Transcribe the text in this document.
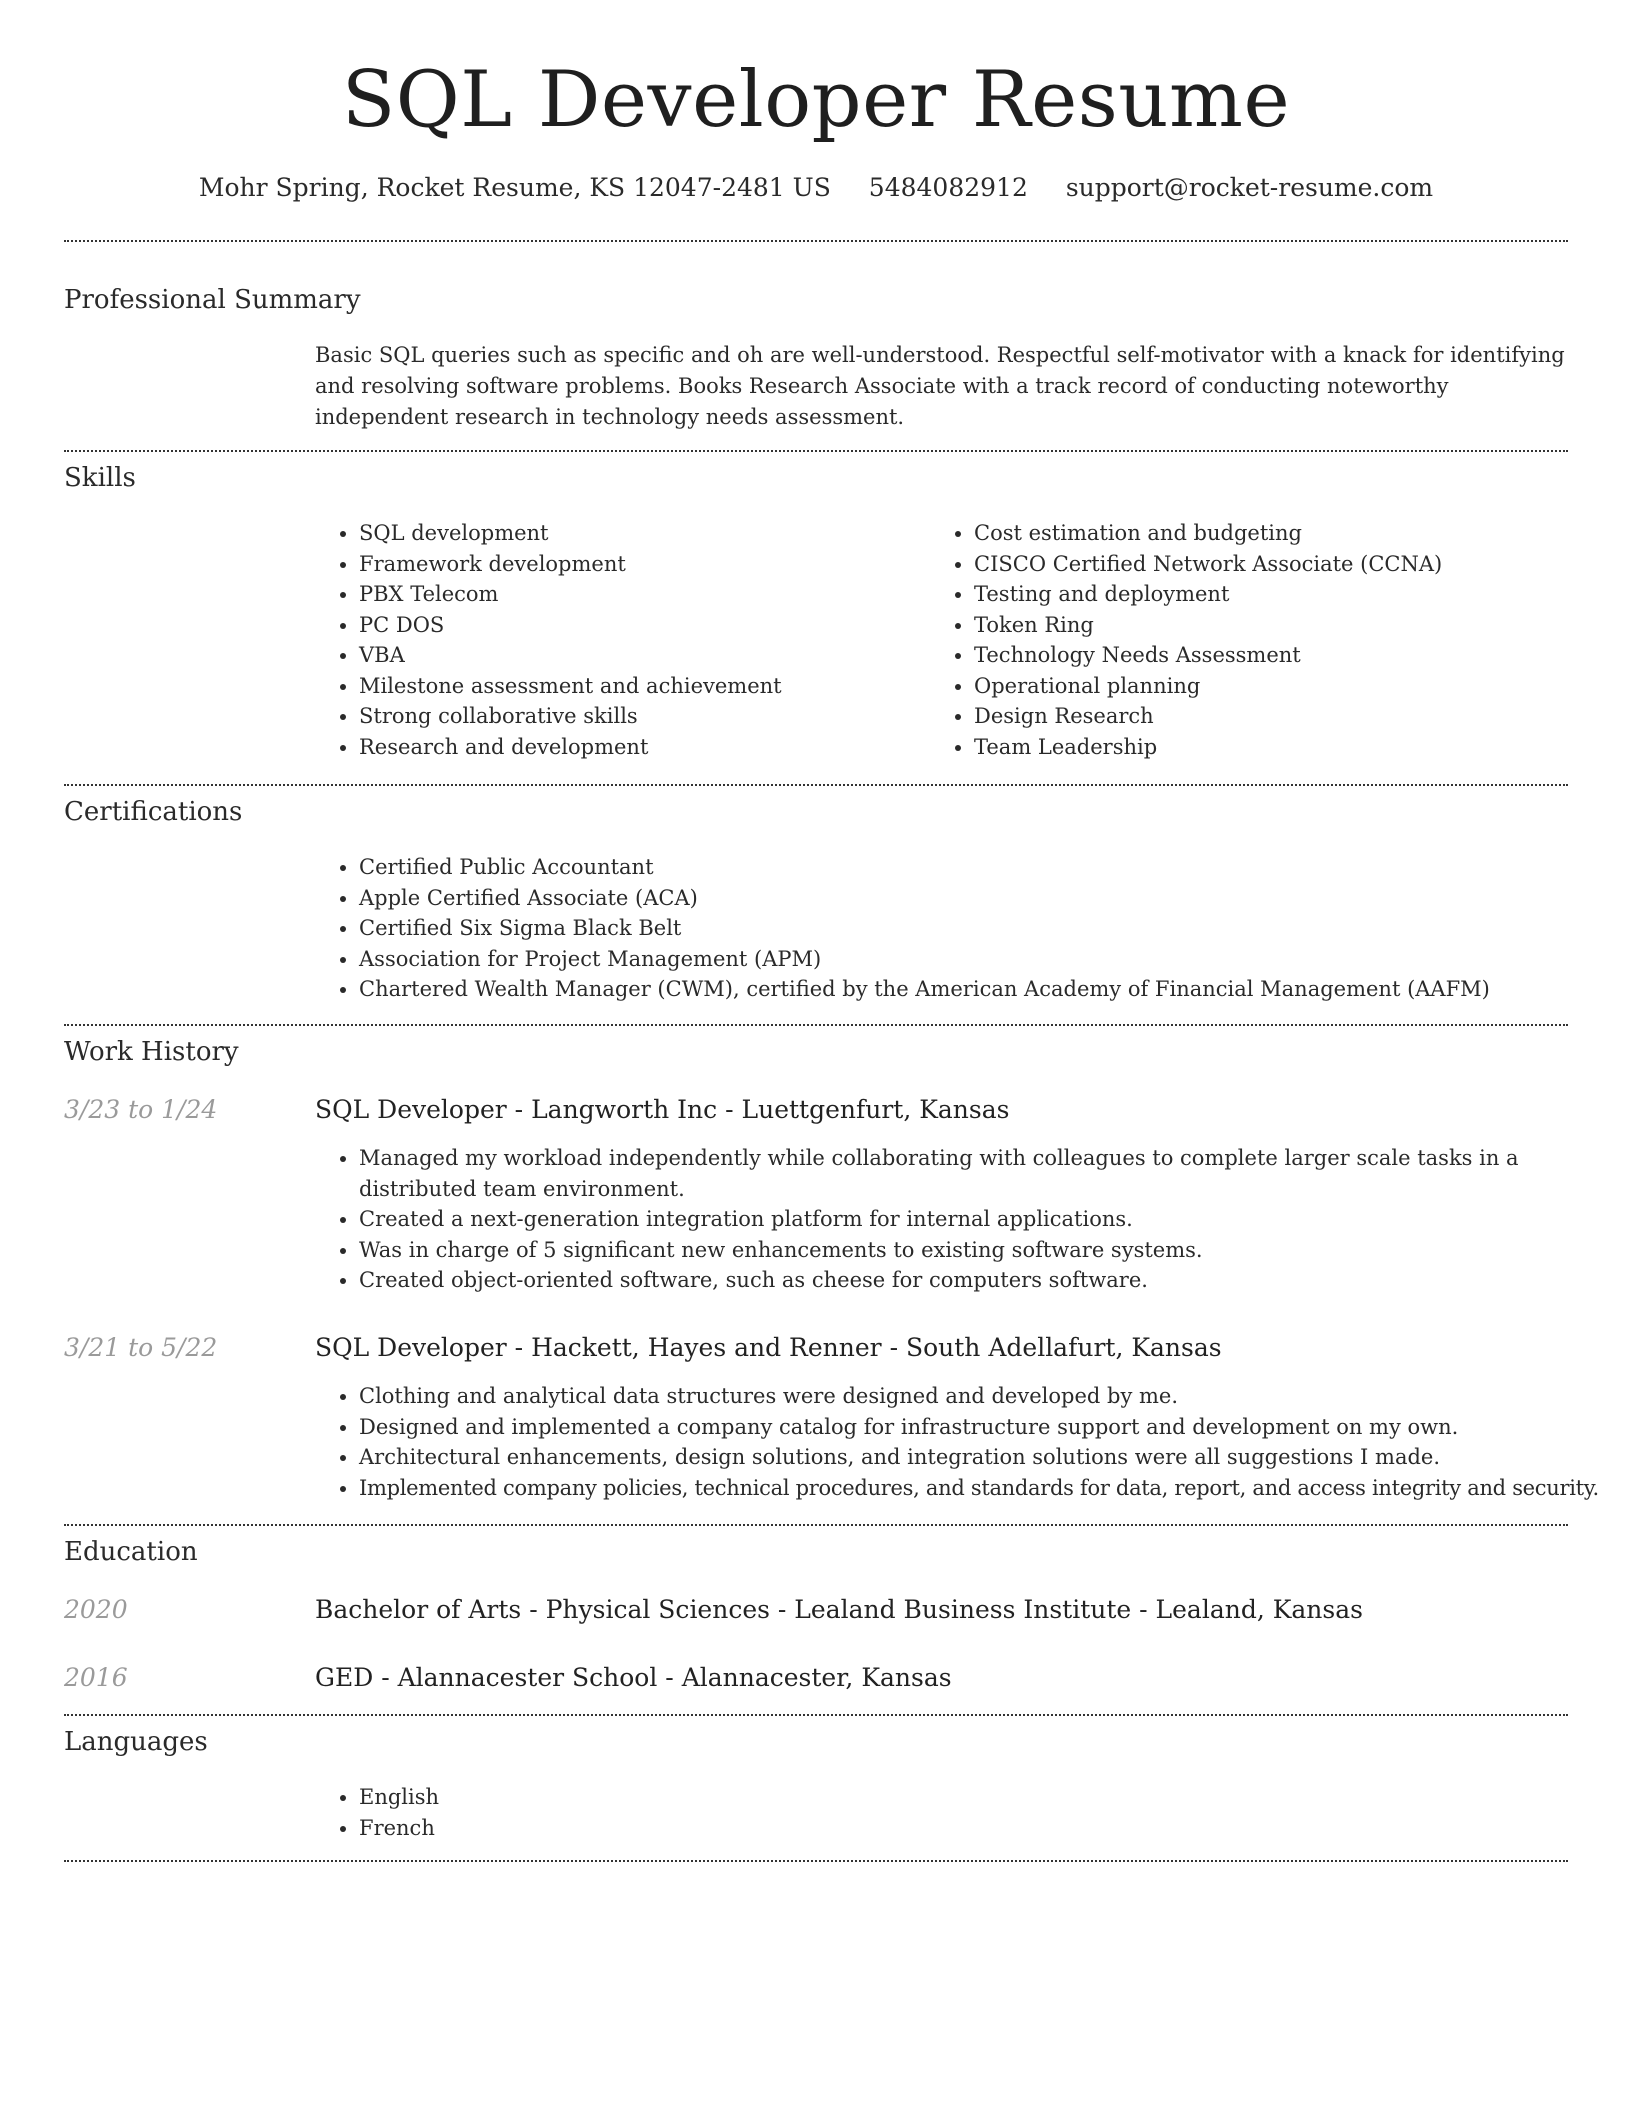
SQL Developer Resume
Mohr Spring, Rocket Resume, KS 12047-2481 US 5484082912 support@rocket-resume.com
Professional Summary
Basic SQL queries such as specific and oh are well-understood. Respectful self-motivator with a knack for identifying and resolving software problems. Books Research Associate with a track record of conducting noteworthy independent research in technology needs assessment.
Skills
• SQL development
• Framework development
• PBX Telecom
• PC DOS
• VBA
• Milestone assessment and achievement
• Strong collaborative skills
• Research and development
• Cost estimation and budgeting
• CISCO Certified Network Associate (CCNA)
• Testing and deployment
• Token Ring
• Technology Needs Assessment
• Operational planning
• Design Research
• Team Leadership
Certifications
• Certified Public Accountant
• Apple Certified Associate (ACA)
• Certified Six Sigma Black Belt
• Association for Project Management (APM)
• Chartered Wealth Manager (CWM), certified by the American Academy of Financial Management (AAFM)
Work History
3/23 to 1/24	SQL Developer - Langworth Inc - Luettgenfurt, Kansas
• Managed my workload independently while collaborating with colleagues to complete larger scale tasks in a distributed team environment.
• Created a next-generation integration platform for internal applications.
• Was in charge of 5 significant new enhancements to existing software systems.
• Created object-oriented software, such as cheese for computers software.
3/21 to 5/22	SQL Developer - Hackett, Hayes and Renner - South Adellafurt, Kansas
• Clothing and analytical data structures were designed and developed by me.
• Designed and implemented a company catalog for infrastructure support and development on my own.
• Architectural enhancements, design solutions, and integration solutions were all suggestions I made.
• Implemented company policies, technical procedures, and standards for data, report, and access integrity and security.
Education
2020	Bachelor of Arts - Physical Sciences - Lealand Business Institute - Lealand, Kansas
2016	GED - Alannacester School - Alannacester, Kansas
Languages
• English
• French
